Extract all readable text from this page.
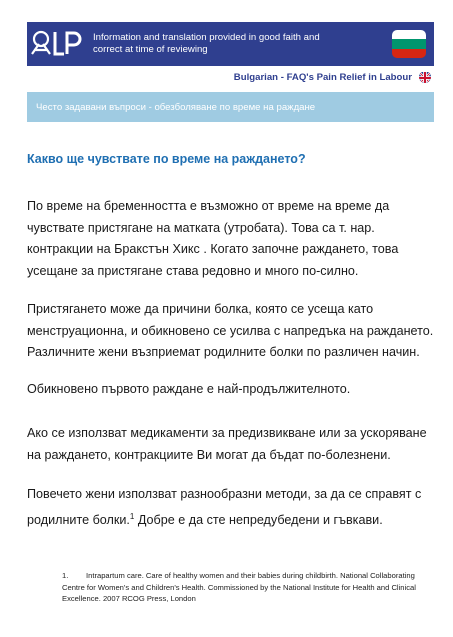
Information and translation provided in good faith and correct at time of reviewing
Bulgarian - FAQ's Pain Relief in Labour
Често задавани въпроси - обезболяване по време на раждане
Какво ще чувствате по време на раждането?
По време на бременността е възможно от време на време да чувствате пристягане на матката (утробата). Това са т. нар. контракции на Бракстън Хикс . Когато започне раждането, това усещане за пристягане става редовно и много по-силно.
Пристягането може да причини болка, която се усеща като менструационна, и обикновено се усилва с напредъка на раждането. Различните жени възприемат родилните болки по различен начин.
Обикновено първото раждане е най-продължителното.
Ако се използват медикаменти за предизвикване или за ускоряване на раждането, контракциите Ви могат да бъдат по-болезнени.
Повечето жени използват разнообразни методи, за да се справят с родилните болки.$^1$ Добре е да сте непредубедени и гъвкави.
1. Intrapartum care. Care of healthy women and their babies during childbirth. National Collaborating Centre for Women's and Children's Health. Commissioned by the National Institute for Health and Clinical Excellence. 2007 RCOG Press, London
